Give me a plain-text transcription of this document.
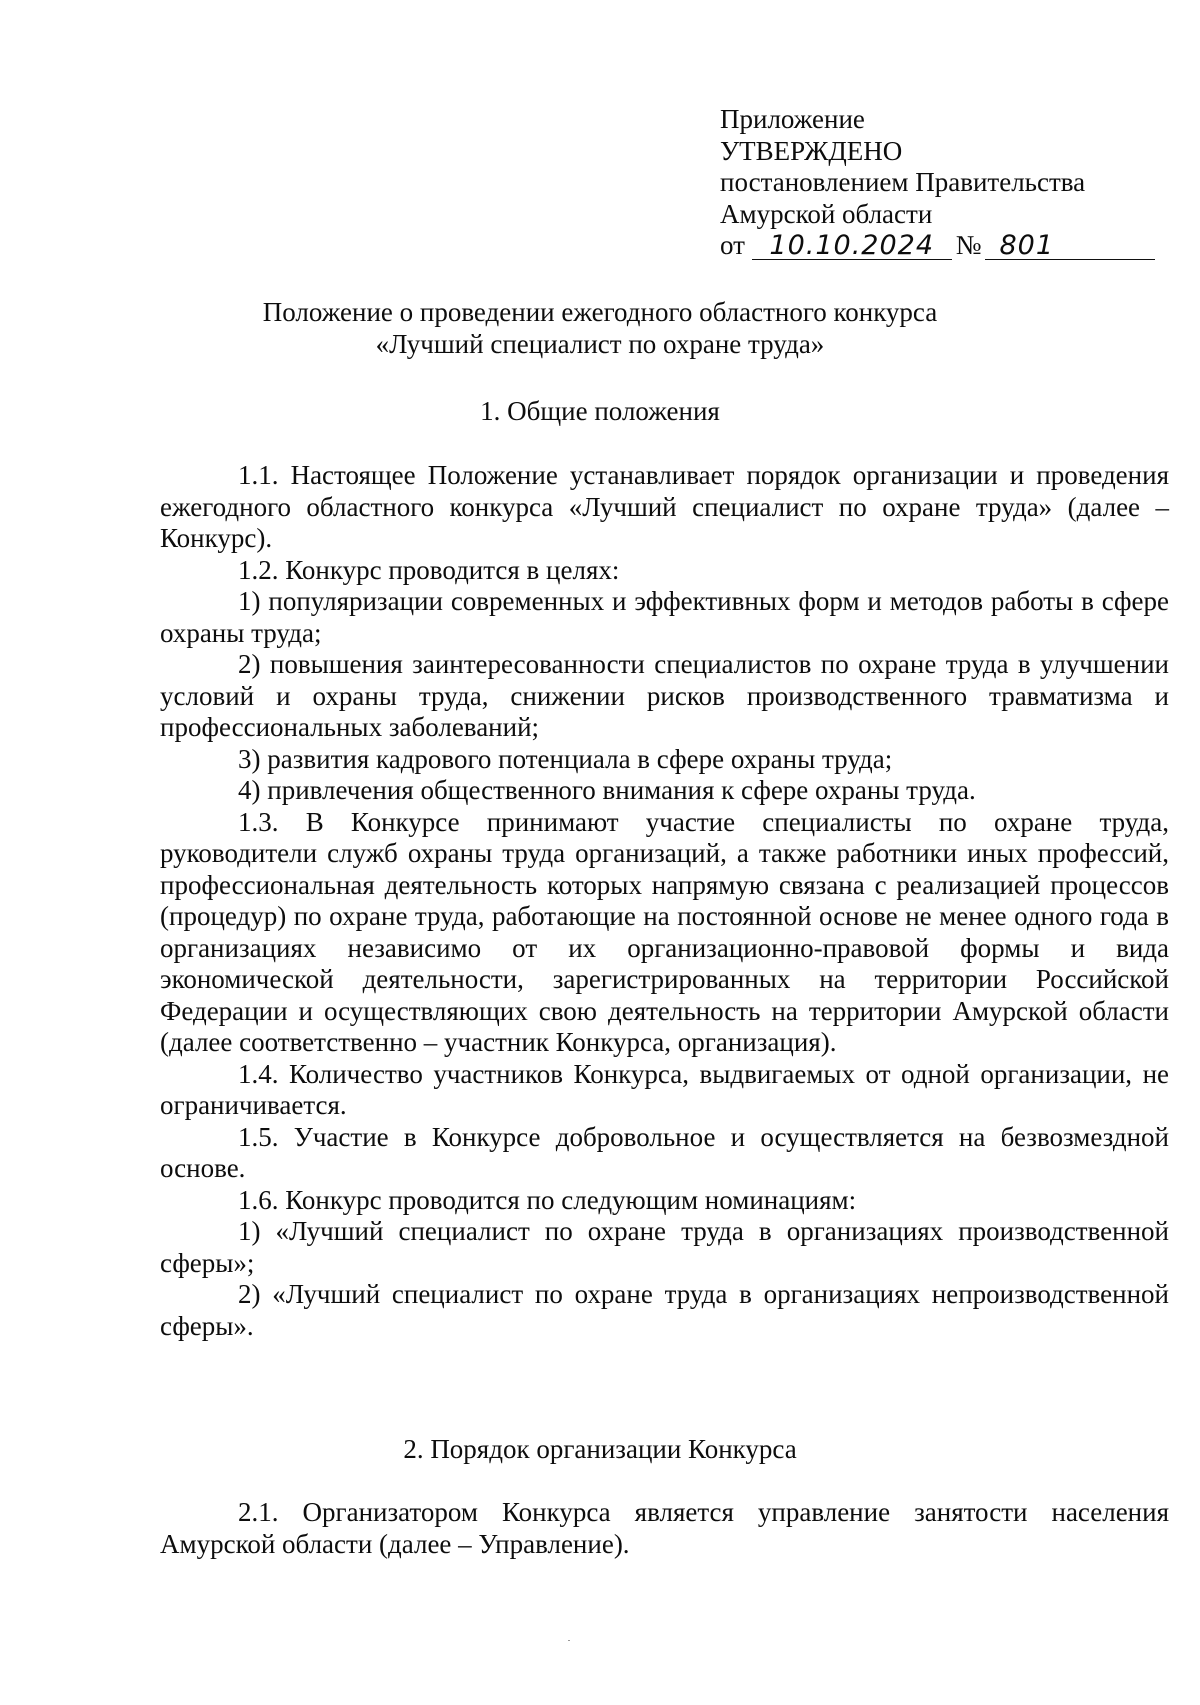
Приложение
УТВЕРЖДЕНО
постановлением Правительства
Амурской области
от 10.10.2024 № 801
Положение о проведении ежегодного областного конкурса
«Лучший специалист по охране труда»
1. Общие положения

1.1. Настоящее Положение устанавливает порядок организации и проведения ежегодного областного конкурса «Лучший специалист по охране труда» (далее – Конкурс).

1.2. Конкурс проводится в целях:

1) популяризации современных и эффективных форм и методов работы в сфере охраны труда;

2) повышения заинтересованности специалистов по охране труда в улучшении условий и охраны труда, снижении рисков производственного травматизма и профессиональных заболеваний;

3) развития кадрового потенциала в сфере охраны труда;

4) привлечения общественного внимания к сфере охраны труда.

1.3. В Конкурсе принимают участие специалисты по охране труда, руководители служб охраны труда организаций, а также работники иных профессий, профессиональная деятельность которых напрямую связана с реализацией процессов (процедур) по охране труда, работающие на постоянной основе не менее одного года в организациях независимо от их организационно-правовой формы и вида экономической деятельности, зарегистрированных на территории Российской Федерации и осуществляющих свою деятельность на территории Амурской области (далее соответственно – участник Конкурса, организация).

1.4. Количество участников Конкурса, выдвигаемых от одной организации, не ограничивается.

1.5. Участие в Конкурсе добровольное и осуществляется на безвозмездной основе.

1.6. Конкурс проводится по следующим номинациям:

1) «Лучший специалист по охране труда в организациях производственной сферы»;

2) «Лучший специалист по охране труда в организациях непроизводственной сферы».

2. Порядок организации Конкурса

2.1. Организатором Конкурса является управление занятости населения Амурской области (далее – Управление).
